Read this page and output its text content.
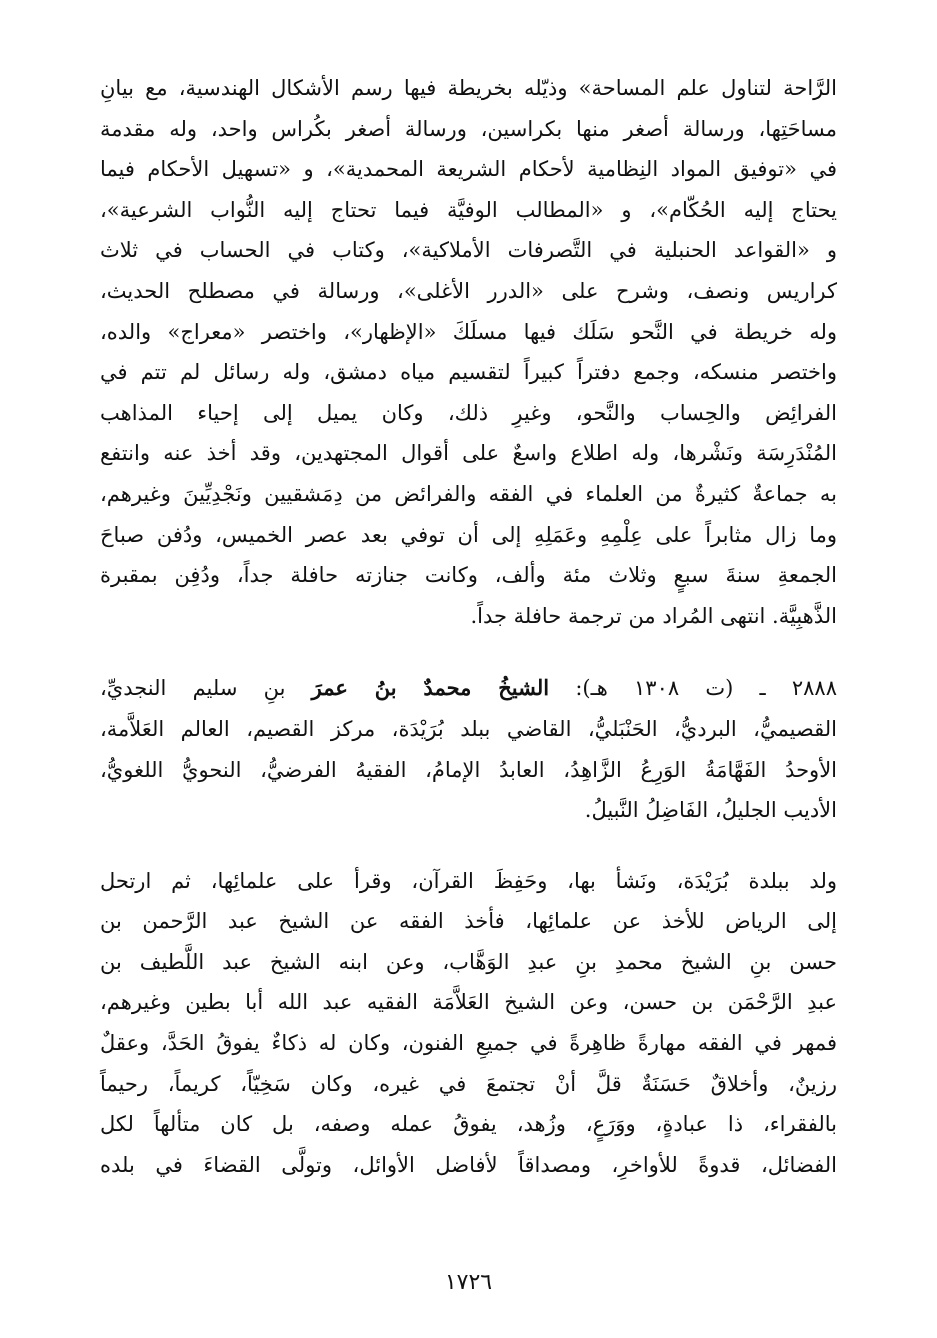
الرَّاحة لتناول علم المساحة» وذيّله بخريطة فيها رسم الأشكال الهندسية، مع بيانِ
مساحَتِها، ورسالة أصغر منها بكراسين، ورسالة أصغر بكُراس واحد، وله مقدمة
في «توفيق المواد النِظامية لأحكام الشريعة المحمدية»، و «تسهيل الأحكام فيما
يحتاج إليه الحُكّام»، و «المطالب الوفيَّة فيما تحتاج إليه النُّواب الشرعية»،
و «القواعد الحنبلية في التَّصرفات الأملاكية»، وكتاب في الحساب في ثلاث
كراريس ونصف، وشرح على «الدرر الأغلى»، ورسالة في مصطلح الحديث،
وله خريطة في النَّحو سَلَك فيها مسلَكَ «الإظهار»، واختصر «معراج» والده،
واختصر منسكه، وجمع دفتراً كبيراً لتقسيم مياه دمشق، وله رسائل لم تتم في
الفرائِض والحِساب والنَّحو، وغيرِ ذلك، وكان يميل إلى إحياء المذاهب
المُنْدَرِسَة ونَشْرها، وله اطلاع واسعٌ على أقوال المجتهدين، وقد أخذ عنه وانتفع
به جماعةٌ كثيرةٌ من العلماء في الفقه والفرائض من دِمَشقيين ونَجْدِيِّينَ وغيرهم،
وما زال مثابراً على عِلْمِهِ وعَمَلِهِ إلى أن توفي بعد عصر الخميس، ودُفن صباحَ
الجمعةِ سنةَ سبعٍ وثلاث مئة وألف، وكانت جنازته حافلة جداً، ودُفِن بمقبرة
الذَّهبِيَّة. انتهى المُراد من ترجمة حافلة جداً.
٢٨٨٨ ـ (ت ١٣٠٨ هـ): الشيخُ محمدٌ بنُ عمرَ بنِ سليم النجديِّ،
القصيميُّ، البرديُّ، الحَنْبَليُّ، القاضي ببلد بُرَيْدَة، مركز القصيم، العالم العَلاَّمة،
الأوحدُ الفَهَّامَةُ الوَرِعُ الزَّاهِدُ، العابدُ الإمامُ، الفقيهُ الفرضيُّ، النحويُّ اللغويُّ،
الأديب الجليلُ، الفَاضِلُ النَّبيلُ.
ولد ببلدة بُرَيْدَة، ونَشأ بها، وحَفِظَ القرآن، وقرأ على علمائِها، ثم ارتحل
إلى الرياض للأخذ عن علمائِها، فأخذ الفقه عن الشيخ عبد الرَّحمن بن
حسن بنِ الشيخ محمدِ بنِ عبدِ الوَهَّاب، وعن ابنه الشيخ عبد اللَّطيف بن
عبدِ الرَّحْمَن بن حسن، وعن الشيخ العَلاَّمَة الفقيه عبد الله أبا بطين وغيرهم،
فمهر في الفقه مهارةً ظاهِرةً في جميعِ الفنون، وكان له ذكاءٌ يفوقُ الحَدَّ، وعقلٌ
رزينٌ، وأخلاقٌ حَسَنَةٌ قلَّ أنْ تجتمعَ في غيره، وكان سَخِيّاً، كريماً، رحيماً
بالفقراء، ذا عبادةٍ، ووَرَعٍ، وزُهد، يفوقُ عمله وصفه، بل كان متألهاً لكل
الفضائل، قدوةً للأواخرِ، ومصداقاً لأفاضل الأوائل، وتولَّى القضاءَ في بلده
١٧٢٦
